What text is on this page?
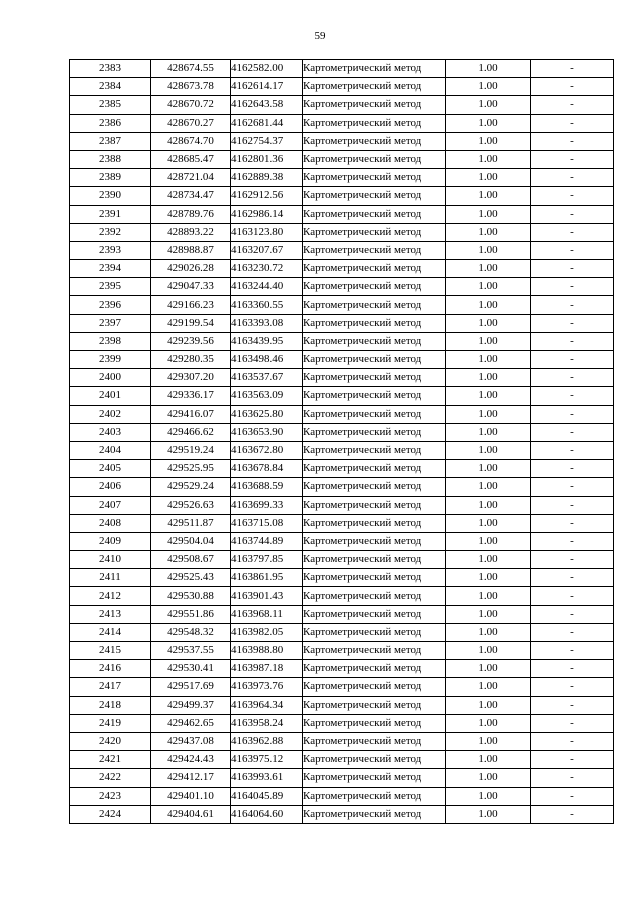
59
2383	428674.55	4162582.00	Картометрический метод	1.00	-
2384	428673.78	4162614.17	Картометрический метод	1.00	-
2385	428670.72	4162643.58	Картометрический метод	1.00	-
2386	428670.27	4162681.44	Картометрический метод	1.00	-
2387	428674.70	4162754.37	Картометрический метод	1.00	-
2388	428685.47	4162801.36	Картометрический метод	1.00	-
2389	428721.04	4162889.38	Картометрический метод	1.00	-
2390	428734.47	4162912.56	Картометрический метод	1.00	-
2391	428789.76	4162986.14	Картометрический метод	1.00	-
2392	428893.22	4163123.80	Картометрический метод	1.00	-
2393	428988.87	4163207.67	Картометрический метод	1.00	-
2394	429026.28	4163230.72	Картометрический метод	1.00	-
2395	429047.33	4163244.40	Картометрический метод	1.00	-
2396	429166.23	4163360.55	Картометрический метод	1.00	-
2397	429199.54	4163393.08	Картометрический метод	1.00	-
2398	429239.56	4163439.95	Картометрический метод	1.00	-
2399	429280.35	4163498.46	Картометрический метод	1.00	-
2400	429307.20	4163537.67	Картометрический метод	1.00	-
2401	429336.17	4163563.09	Картометрический метод	1.00	-
2402	429416.07	4163625.80	Картометрический метод	1.00	-
2403	429466.62	4163653.90	Картометрический метод	1.00	-
2404	429519.24	4163672.80	Картометрический метод	1.00	-
2405	429525.95	4163678.84	Картометрический метод	1.00	-
2406	429529.24	4163688.59	Картометрический метод	1.00	-
2407	429526.63	4163699.33	Картометрический метод	1.00	-
2408	429511.87	4163715.08	Картометрический метод	1.00	-
2409	429504.04	4163744.89	Картометрический метод	1.00	-
2410	429508.67	4163797.85	Картометрический метод	1.00	-
2411	429525.43	4163861.95	Картометрический метод	1.00	-
2412	429530.88	4163901.43	Картометрический метод	1.00	-
2413	429551.86	4163968.11	Картометрический метод	1.00	-
2414	429548.32	4163982.05	Картометрический метод	1.00	-
2415	429537.55	4163988.80	Картометрический метод	1.00	-
2416	429530.41	4163987.18	Картометрический метод	1.00	-
2417	429517.69	4163973.76	Картометрический метод	1.00	-
2418	429499.37	4163964.34	Картометрический метод	1.00	-
2419	429462.65	4163958.24	Картометрический метод	1.00	-
2420	429437.08	4163962.88	Картометрический метод	1.00	-
2421	429424.43	4163975.12	Картометрический метод	1.00	-
2422	429412.17	4163993.61	Картометрический метод	1.00	-
2423	429401.10	4164045.89	Картометрический метод	1.00	-
2424	429404.61	4164064.60	Картометрический метод	1.00	-
